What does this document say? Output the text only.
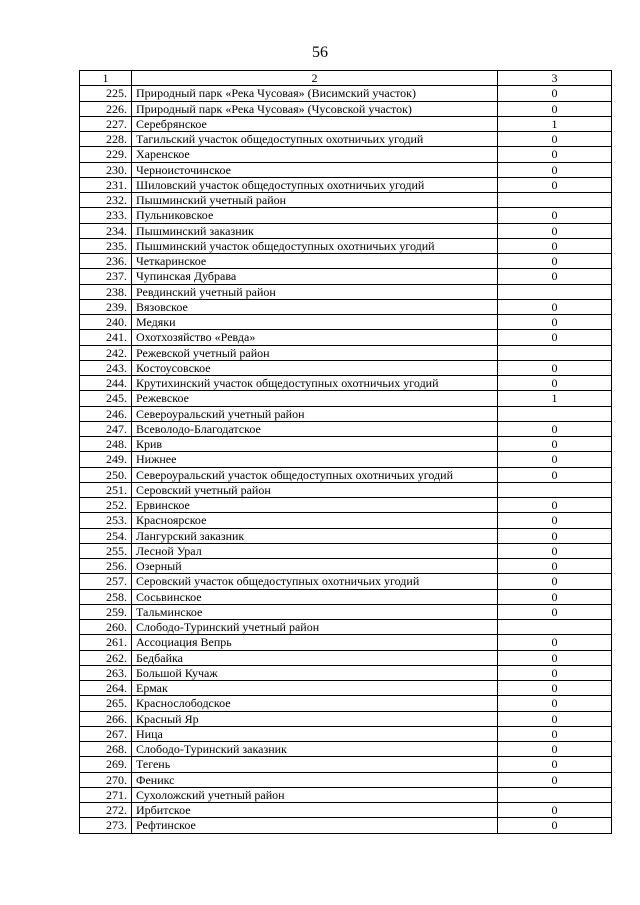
56
1	2	3
225.	Природный парк «Река Чусовая» (Висимский участок)	0
226.	Природный парк «Река Чусовая» (Чусовской участок)	0
227.	Серебрянское	1
228.	Тагильский участок общедоступных охотничьих угодий	0
229.	Харенское	0
230.	Черноисточинское	0
231.	Шиловский участок общедоступных охотничьих угодий	0
232.	Пышминский учетный район	
233.	Пульниковское	0
234.	Пышминский заказник	0
235.	Пышминский участок общедоступных охотничьих угодий	0
236.	Четкаринское	0
237.	Чупинская Дубрава	0
238.	Ревдинский учетный район	
239.	Вязовское	0
240.	Медяки	0
241.	Охотхозяйство «Ревда»	0
242.	Режевской учетный район	
243.	Костоусовское	0
244.	Крутихинский участок общедоступных охотничьих угодий	0
245.	Режевское	1
246.	Североуральский учетный район	
247.	Всеволодо-Благодатское	0
248.	Крив	0
249.	Нижнее	0
250.	Североуральский участок общедоступных охотничьих угодий	0
251.	Серовский учетный район	
252.	Ервинское	0
253.	Красноярское	0
254.	Лангурский заказник	0
255.	Лесной Урал	0
256.	Озерный	0
257.	Серовский участок общедоступных охотничьих угодий	0
258.	Сосьвинское	0
259.	Тальминское	0
260.	Слободо-Туринский учетный район	
261.	Ассоциация Вепрь	0
262.	Бедбайка	0
263.	Большой Кучаж	0
264.	Ермак	0
265.	Краснослободское	0
266.	Красный Яр	0
267.	Ница	0
268.	Слободо-Туринский заказник	0
269.	Тегень	0
270.	Феникс	0
271.	Сухоложский учетный район	
272.	Ирбитское	0
273.	Рефтинское	0
